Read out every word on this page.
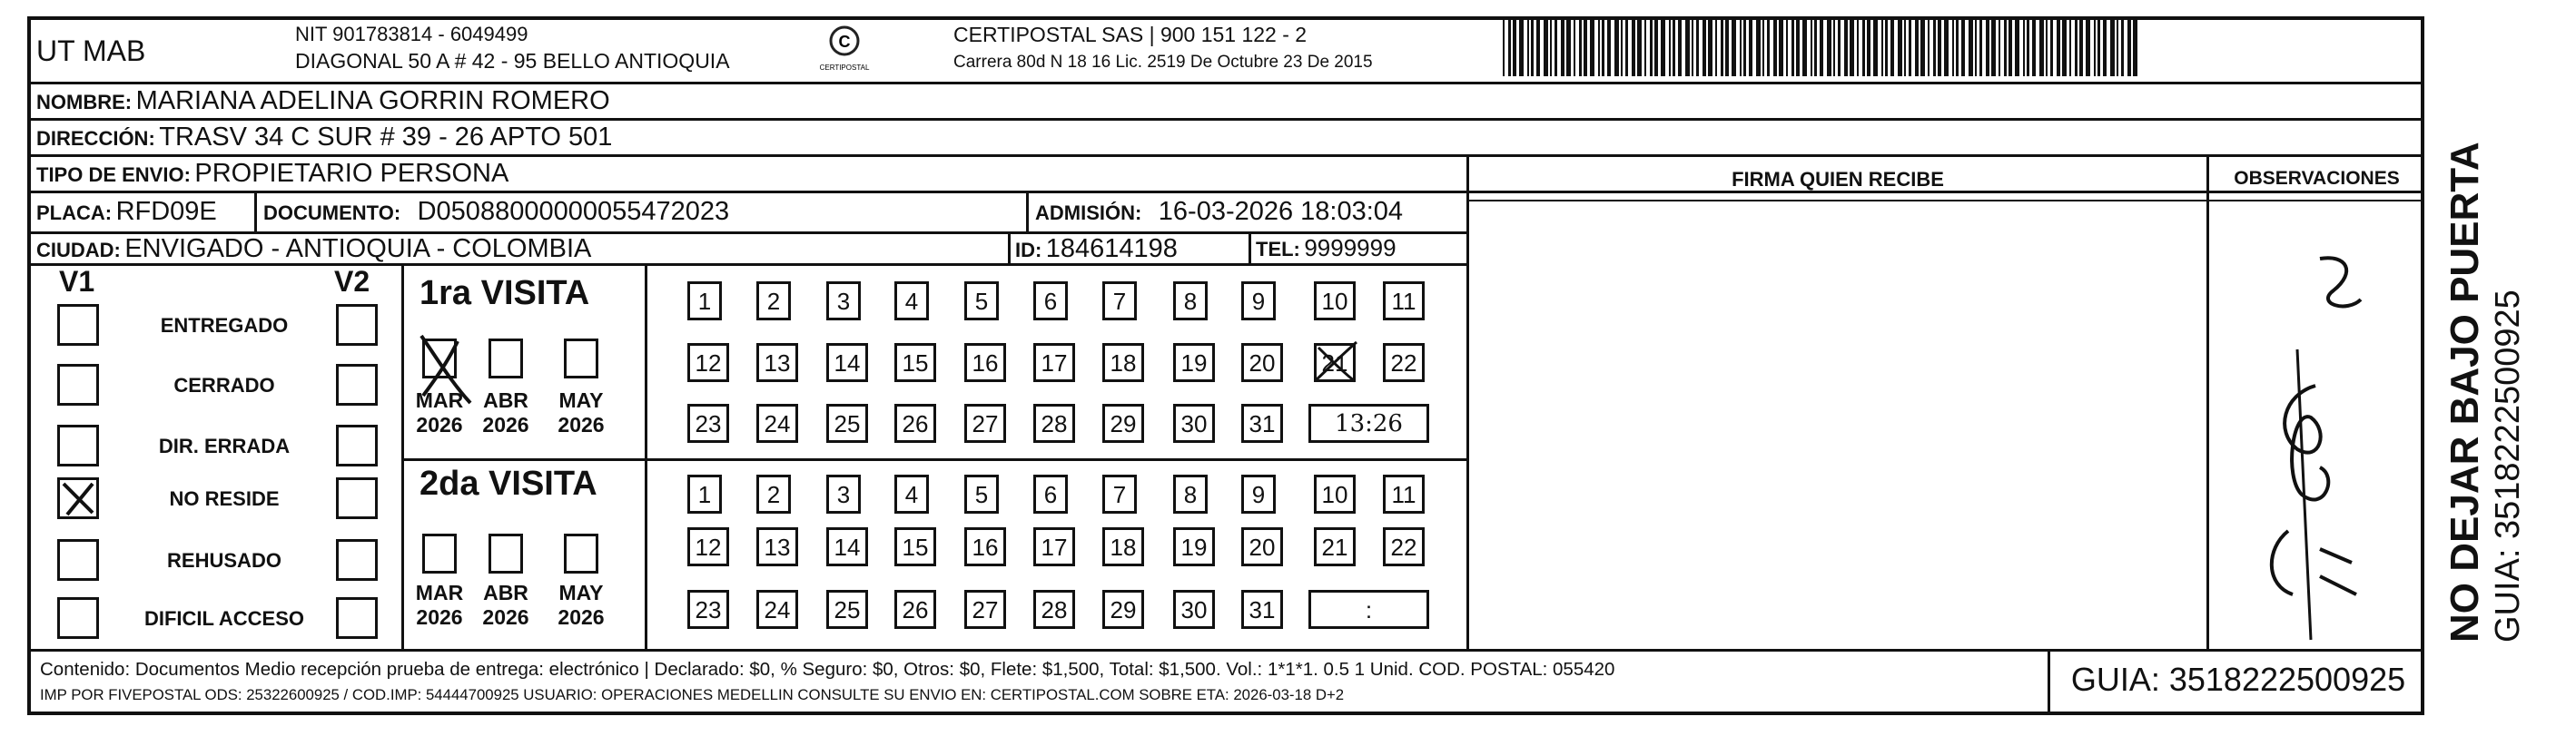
UT MAB
NIT 901783814 - 6049499
DIAGONAL 50 A # 42 - 95 BELLO ANTIOQUIA
C
CERTIPOSTAL
CERTIPOSTAL SAS | 900 151 122 - 2
Carrera 80d N 18 16 Lic. 2519 De Octubre 23 De 2015
NOMBRE: MARIANA ADELINA GORRIN ROMERO
DIRECCIÓN: TRASV 34 C SUR # 39 - 26 APTO 501
TIPO DE ENVIO: PROPIETARIO PERSONA
PLACA: RFD09E DOCUMENTO: D05088000000055472023	ADMISIÓN: 16-03-2026 18:03:04
CIUDAD: ENVIGADO - ANTIOQUIA - COLOMBIA	ID: 184614198	TEL: 9999999
FIRMA QUIEN RECIBE	OBSERVACIONES	NO DEJAR BAJO PUERTA GUIA: 3518222500925
V1	V2
ENTREGADO
CERRADO
DIR. ERRADA
NO RESIDE
REHUSADO
DIFICIL ACCESO
1ra VISITA
2da VISITA
MAR
2026
ABR
2026
MAY
2026
MAR
2026
ABR
2026
MAY
2026
1	2	3	4	5	6	7	8	9	10	11
12	13	14	15	16	17	18	19	20	21	22
23	24	25	26	27	28	29	30	31	13:26
1	2	3	4	5	6	7	8	9	10	11
12	13	14	15	16	17	18	19	20	21	22
23	24	25	26	27	28	29	30	31	:
Contenido: Documentos Medio recepción prueba de entrega: electrónico | Declarado: $0, % Seguro: $0, Otros: $0, Flete: $1,500, Total: $1,500. Vol.: 1*1*1. 0.5 1 Unid. COD. POSTAL: 055420
IMP POR FIVEPOSTAL ODS: 25322600925 / COD.IMP: 54444700925 USUARIO: OPERACIONES MEDELLIN CONSULTE SU ENVIO EN: CERTIPOSTAL.COM SOBRE ETA: 2026-03-18 D+2	GUIA: 3518222500925
